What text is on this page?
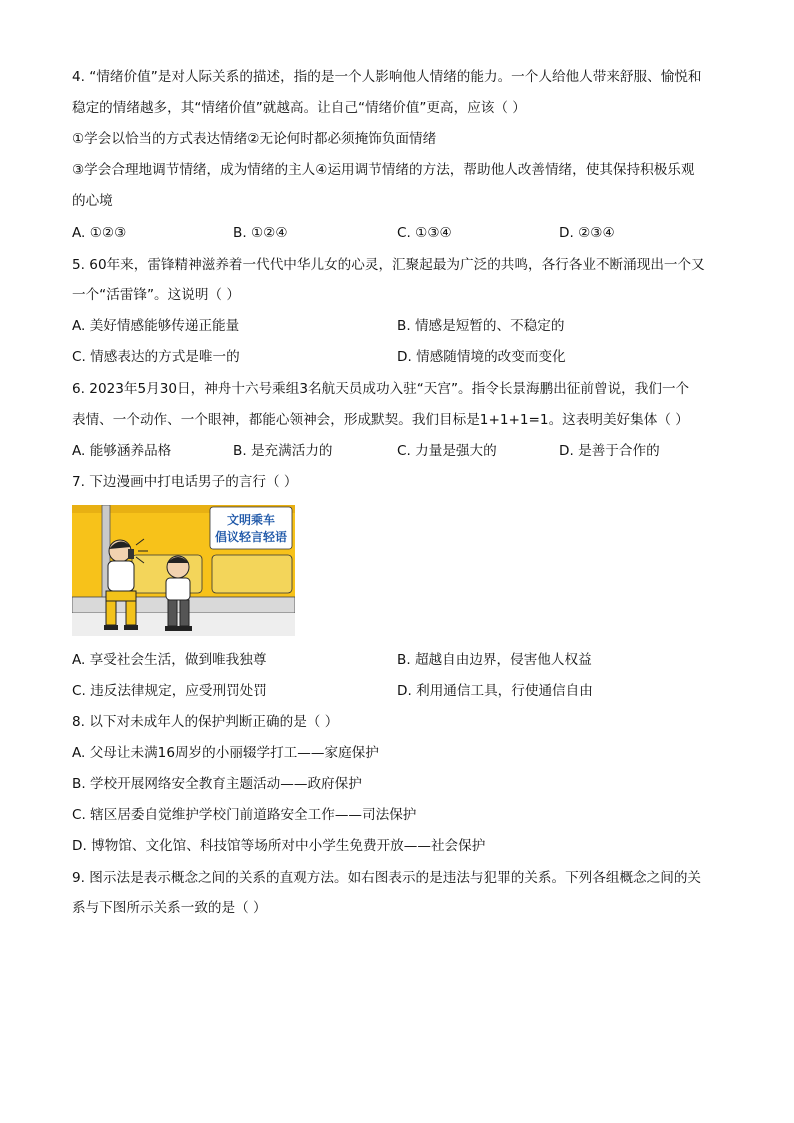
4. “情绪价值”是对人际关系的描述，指的是一个人影响他人情绪的能力。一个人给他人带来舒服、愉悦和
稳定的情绪越多，其“情绪价值”就越高。让自己“情绪价值”更高，应该（ ）
①学会以恰当的方式表达情绪②无论何时都必须掩饰负面情绪
③学会合理地调节情绪，成为情绪的主人④运用调节情绪的方法，帮助他人改善情绪，使其保持积极乐观
的心境
A. ①②③	B. ①②④	C. ①③④	D. ②③④
5. 60年来，雷锋精神滋养着一代代中华儿女的心灵，汇聚起最为广泛的共鸣，各行各业不断涌现出一个又
一个“活雷锋”。这说明（ ）
A. 美好情感能够传递正能量	B. 情感是短暂的、不稳定的
C. 情感表达的方式是唯一的	D. 情感随情境的改变而变化
6. 2023年5月30日，神舟十六号乘组3名航天员成功入驻“天宫”。指令长景海鹏出征前曾说，我们一个
表情、一个动作、一个眼神，都能心领神会，形成默契。我们目标是1+1+1=1。这表明美好集体（ ）
A. 能够涵养品格	B. 是充满活力的	C. 力量是强大的	D. 是善于合作的
7. 下边漫画中打电话男子的言行（ ）
文明乘车
倡议轻言轻语
A. 享受社会生活，做到唯我独尊	B. 超越自由边界，侵害他人权益
C. 违反法律规定，应受刑罚处罚	D. 利用通信工具，行使通信自由
8. 以下对未成年人的保护判断正确的是（ ）
A. 父母让未满16周岁的小丽辍学打工——家庭保护
B. 学校开展网络安全教育主题活动——政府保护
C. 辖区居委自觉维护学校门前道路安全工作——司法保护
D. 博物馆、文化馆、科技馆等场所对中小学生免费开放——社会保护
9. 图示法是表示概念之间的关系的直观方法。如右图表示的是违法与犯罪的关系。下列各组概念之间的关
系与下图所示关系一致的是（ ）
